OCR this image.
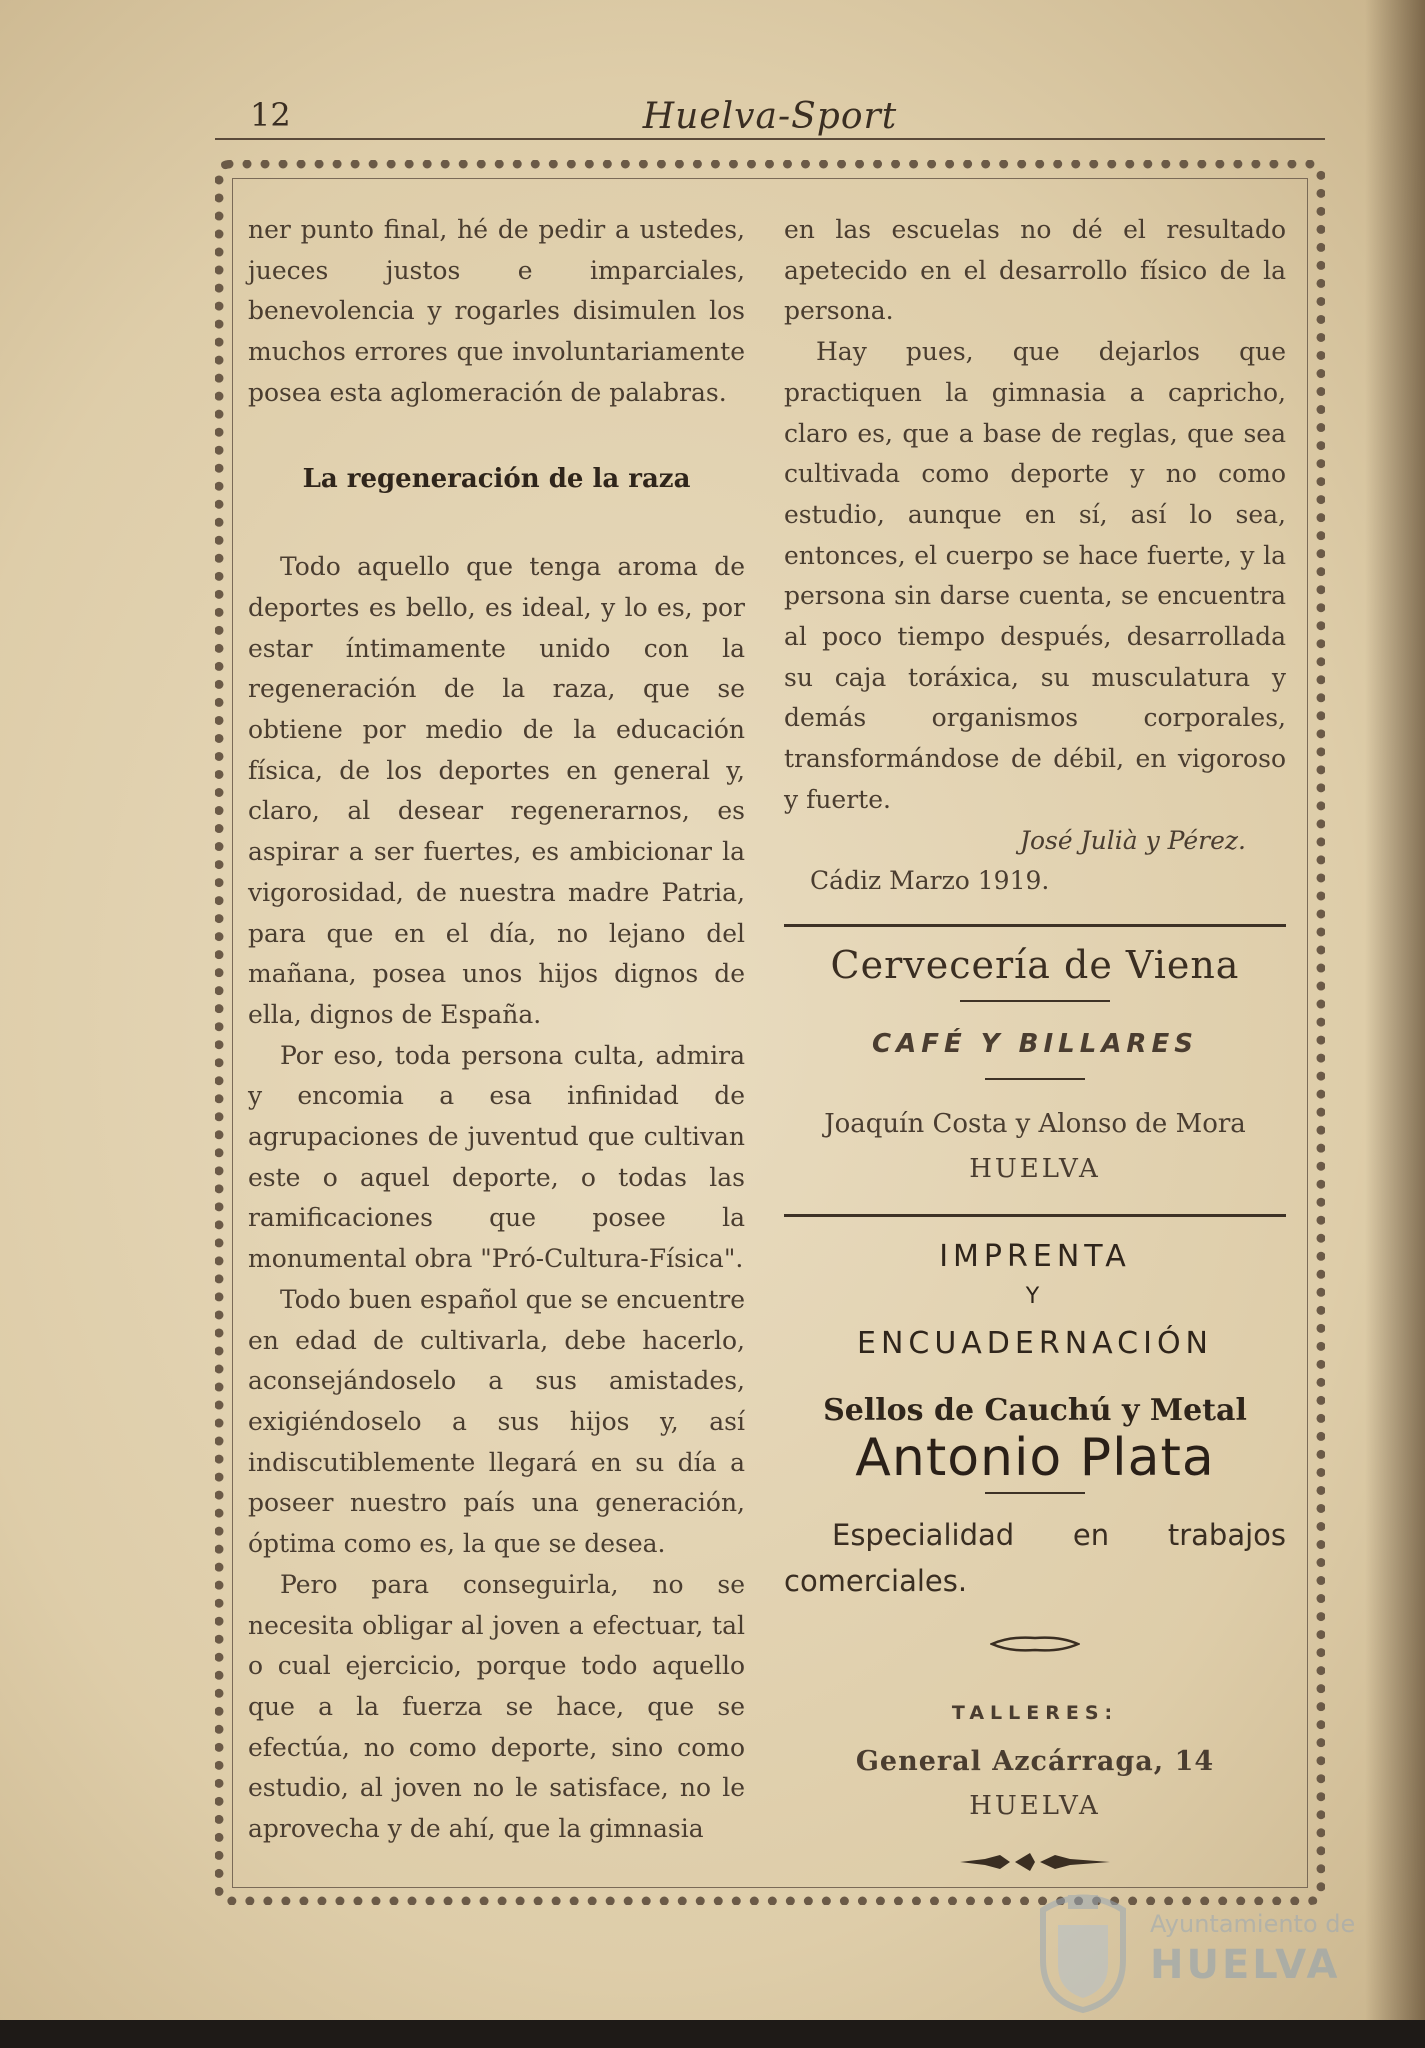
12	Huelva-Sport

ner punto final, hé de pedir a ustedes, jueces justos e imparciales, benevolencia y rogarles disimulen los muchos errores que involuntariamente posea esta aglomeración de palabras.

La regeneración de la raza

Todo aquello que tenga aroma de deportes es bello, es ideal, y lo es, por estar íntimamente unido con la regeneración de la raza, que se obtiene por medio de la educación física, de los deportes en general y, claro, al desear regenerarnos, es aspirar a ser fuertes, es ambicionar la vigorosidad, de nuestra madre Patria, para que en el día, no lejano del mañana, posea unos hijos dignos de ella, dignos de España.

Por eso, toda persona culta, admira y encomia a esa infinidad de agrupaciones de juventud que cultivan este o aquel deporte, o todas las ramificaciones que posee la monumental obra "Pró-Cultura-Física".

Todo buen español que se encuentre en edad de cultivarla, debe hacerlo, aconsejándoselo a sus amistades, exigiéndoselo a sus hijos y, así indiscutiblemente llegará en su día a poseer nuestro país una generación, óptima como es, la que se desea.

Pero para conseguirla, no se necesita obligar al joven a efectuar, tal o cual ejercicio, porque todo aquello que a la fuerza se hace, que se efectúa, no como deporte, sino como estudio, al joven no le satisface, no le aprovecha y de ahí, que la gimnasia

en las escuelas no dé el resultado apetecido en el desarrollo físico de la persona.

Hay pues, que dejarlos que practiquen la gimnasia a capricho, claro es, que a base de reglas, que sea cultivada como deporte y no como estudio, aunque en sí, así lo sea, entonces, el cuerpo se hace fuerte, y la persona sin darse cuenta, se encuentra al poco tiempo después, desarrollada su caja toráxica, su musculatura y demás organismos corporales, transformándose de débil, en vigoroso y fuerte.

José Julià y Pérez.

Cádiz Marzo 1919.

Cervecería de Viena
CAFÉ Y BILLARES
Joaquín Costa y Alonso de Mora
HUELVA
IMPRENTA
Y
ENCUADERNACIÓN
Sellos de Cauchú y Metal
Antonio Plata
Especialidad en trabajos comerciales.
TALLERES:
General Azcárraga, 14
HUELVA
Ayuntamiento de
HUELVA
